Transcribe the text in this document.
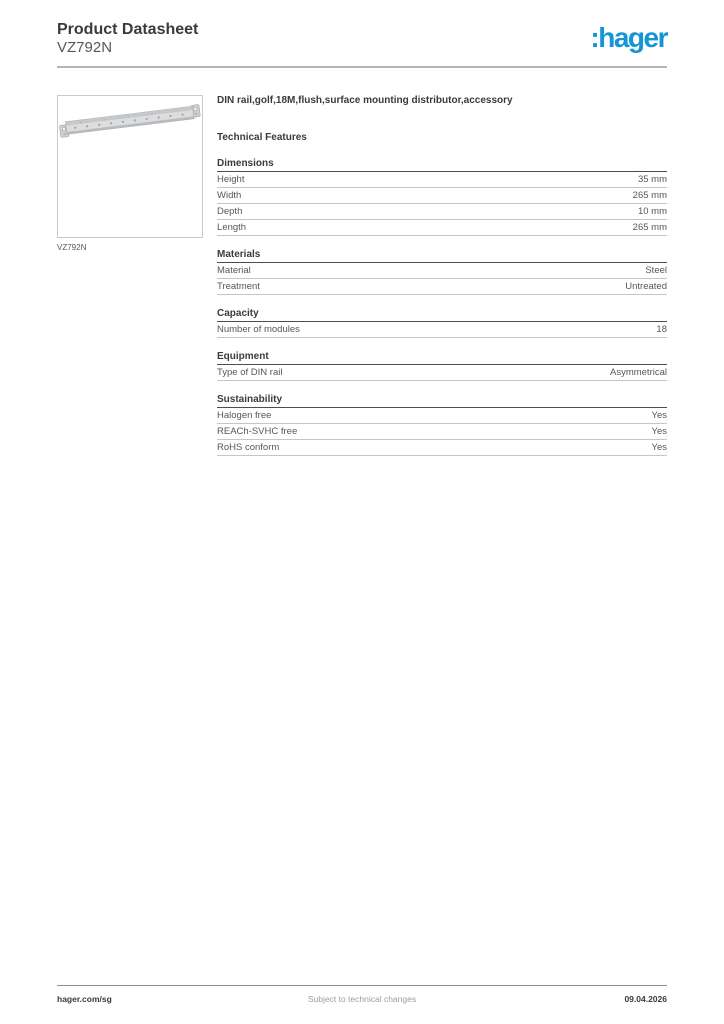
Product Datasheet
VZ792N	:hager
VZ792N
DIN rail,golf,18M,flush,surface mounting distributor,accessory
Technical Features
Dimensions
Height	35 mm
Width	265 mm
Depth	10 mm
Length	265 mm
Materials
Material	Steel
Treatment	Untreated
Capacity
Number of modules	18
Equipment
Type of DIN rail	Asymmetrical
Sustainability
Halogen free	Yes
REACh-SVHC free	Yes
RoHS conform	Yes
hager.com/sg	Subject to technical changes	09.04.2026
